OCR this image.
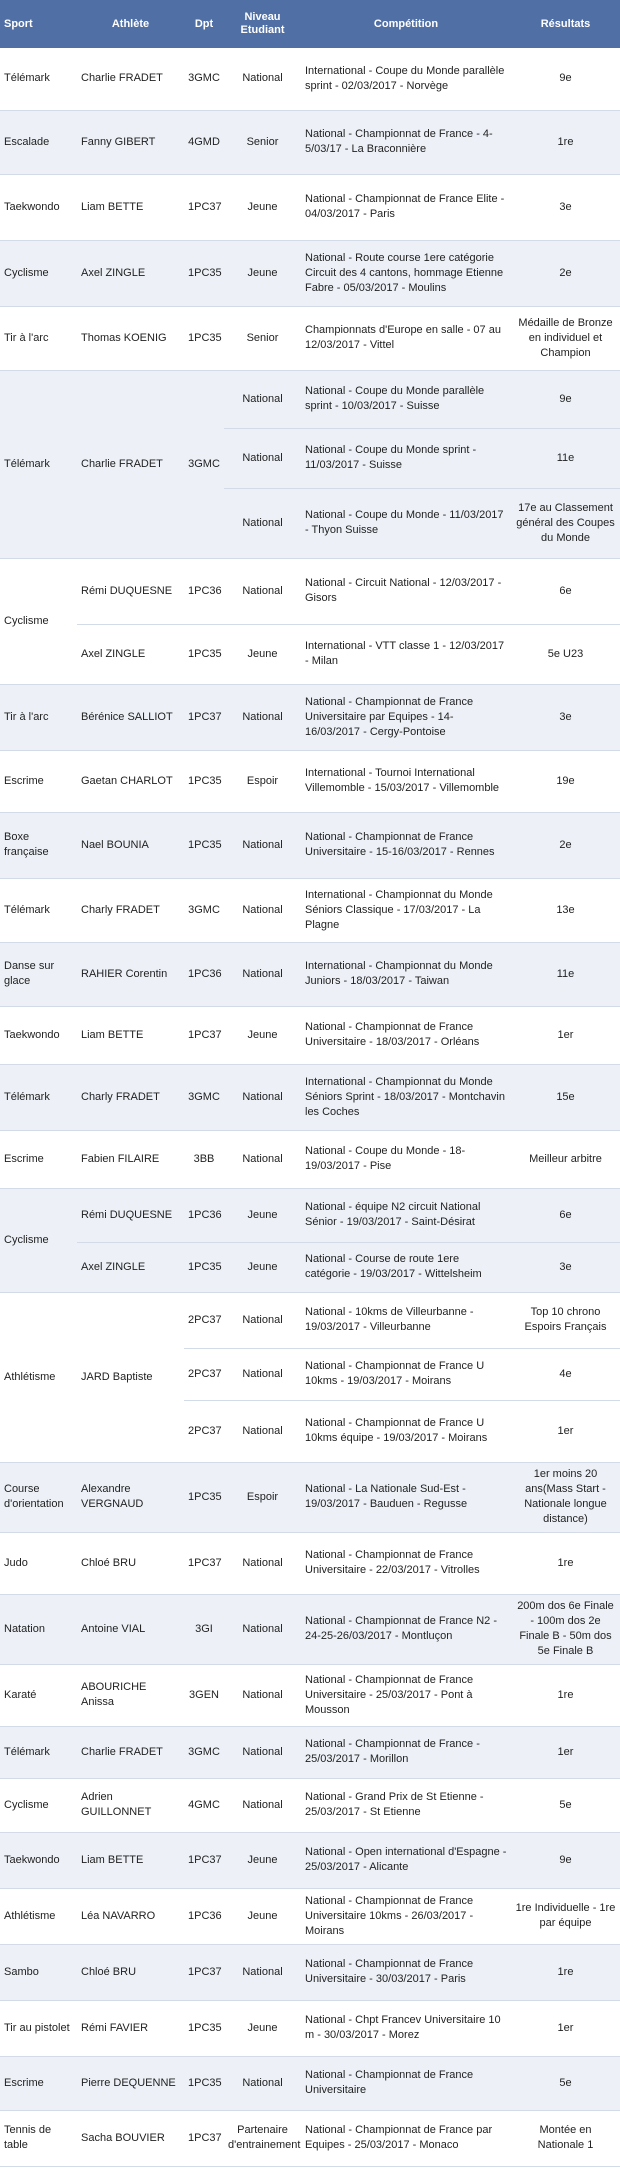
Sport	Athlète	Dpt	Niveau Etudiant	Compétition	Résultats
Télémark	Charlie FRADET	3GMC	National	International - Coupe du Monde parallèle sprint - 02/03/2017 - Norvège	9e
Escalade	Fanny GIBERT	4GMD	Senior	National - Championnat de France - 4-5/03/17 - La Braconnière	1re
Taekwondo	Liam BETTE	1PC37	Jeune	National - Championnat de France Elite - 04/03/2017 - Paris	3e
Cyclisme	Axel ZINGLE	1PC35	Jeune	National - Route course 1ere catégorie Circuit des 4 cantons, hommage Etienne Fabre - 05/03/2017 - Moulins	2e
Tir à l'arc	Thomas KOENIG	1PC35	Senior	Championnats d'Europe en salle - 07 au 12/03/2017 - Vittel	Médaille de Bronze en individuel et Champion
Télémark	Charlie FRADET	3GMC	National	National - Coupe du Monde parallèle sprint - 10/03/2017 - Suisse	9e
			National	National - Coupe du Monde sprint - 11/03/2017 - Suisse	11e
			National	National - Coupe du Monde - 11/03/2017 - Thyon Suisse	17e au Classement général des Coupes du Monde
Cyclisme	Rémi DUQUESNE	1PC36	National	National - Circuit National - 12/03/2017 - Gisors	6e
	Axel ZINGLE	1PC35	Jeune	International - VTT classe 1 - 12/03/2017 - Milan	5e U23
Tir à l'arc	Bérénice SALLIOT	1PC37	National	National - Championnat de France Universitaire par Equipes - 14-16/03/2017 - Cergy-Pontoise	3e
Escrime	Gaetan CHARLOT	1PC35	Espoir	International - Tournoi International Villemomble - 15/03/2017 - Villemomble	19e
Boxe française	Nael BOUNIA	1PC35	National	National - Championnat de France Universitaire - 15-16/03/2017 - Rennes	2e
Télémark	Charly FRADET	3GMC	National	International - Championnat du Monde Séniors Classique - 17/03/2017 - La Plagne	13e
Danse sur glace	RAHIER Corentin	1PC36	National	International - Championnat du Monde Juniors - 18/03/2017 - Taiwan	11e
Taekwondo	Liam BETTE	1PC37	Jeune	National - Championnat de France Universitaire - 18/03/2017 - Orléans	1er
Télémark	Charly FRADET	3GMC	National	International - Championnat du Monde Séniors Sprint - 18/03/2017 - Montchavin les Coches	15e
Escrime	Fabien FILAIRE	3BB	National	National - Coupe du Monde - 18-19/03/2017 - Pise	Meilleur arbitre
Cyclisme	Rémi DUQUESNE	1PC36	Jeune	National - équipe N2 circuit National Sénior - 19/03/2017 - Saint-Désirat	6e
	Axel ZINGLE	1PC35	Jeune	National - Course de route 1ere catégorie - 19/03/2017 - Wittelsheim	3e
Athlétisme	JARD Baptiste	2PC37	National	National - 10kms de Villeurbanne - 19/03/2017 - Villeurbanne	Top 10 chrono Espoirs Français
		2PC37	National	National - Championnat de France U 10kms - 19/03/2017 - Moirans	4e
		2PC37	National	National - Championnat de France U 10kms équipe - 19/03/2017 - Moirans	1er
Course d'orientation	Alexandre VERGNAUD	1PC35	Espoir	National - La Nationale Sud-Est - 19/03/2017 - Bauduen - Regusse	1er moins 20 ans(Mass Start - Nationale longue distance)
Judo	Chloé BRU	1PC37	National	National - Championnat de France Universitaire - 22/03/2017 - Vitrolles	1re
Natation	Antoine VIAL	3GI	National	National - Championnat de France N2 - 24-25-26/03/2017 - Montluçon	200m dos 6e Finale - 100m dos 2e Finale B - 50m dos 5e Finale B
Karaté	ABOURICHE Anissa	3GEN	National	National - Championnat de France Universitaire - 25/03/2017 - Pont à Mousson	1re
Télémark	Charlie FRADET	3GMC	National	National - Championnat de France - 25/03/2017 - Morillon	1er
Cyclisme	Adrien GUILLONNET	4GMC	National	National - Grand Prix de St Etienne - 25/03/2017 - St Etienne	5e
Taekwondo	Liam BETTE	1PC37	Jeune	National - Open international d'Espagne - 25/03/2017 - Alicante	9e
Athlétisme	Léa NAVARRO	1PC36	Jeune	National - Championnat de France Universitaire 10kms - 26/03/2017 - Moirans	1re Individuelle - 1re par équipe
Sambo	Chloé BRU	1PC37	National	National - Championnat de France Universitaire - 30/03/2017 - Paris	1re
Tir au pistolet	Rémi FAVIER	1PC35	Jeune	National - Chpt Francev Universitaire 10 m - 30/03/2017 - Morez	1er
Escrime	Pierre DEQUENNE	1PC35	National	National - Championnat de France Universitaire	5e
Tennis de table	Sacha BOUVIER	1PC37	Partenaire d'entrainement	National - Championnat de France par Equipes - 25/03/2017 - Monaco	Montée en Nationale 1
